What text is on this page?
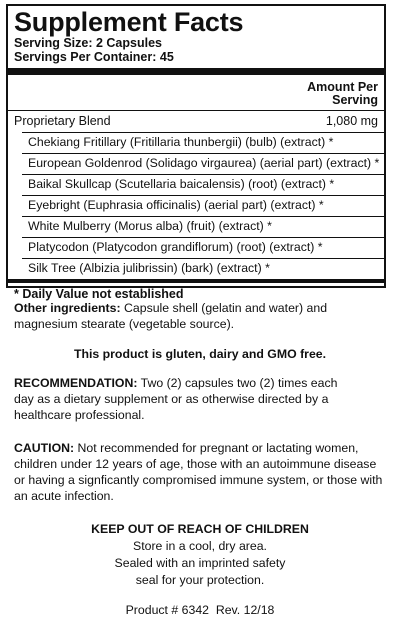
Supplement Facts
Serving Size: 2 Capsules
Servings Per Container: 45
Amount Per
Serving
Proprietary Blend	1,080 mg
Chekiang Fritillary (Fritillaria thunbergii) (bulb) (extract) *
European Goldenrod (Solidago virgaurea) (aerial part) (extract) *
Baikal Skullcap (Scutellaria baicalensis) (root) (extract) *
Eyebright (Euphrasia officinalis) (aerial part) (extract) *
White Mulberry (Morus alba) (fruit) (extract) *
Platycodon (Platycodon grandiflorum) (root) (extract) *
Silk Tree (Albizia julibrissin) (bark) (extract) *
* Daily Value not established
Other ingredients: Capsule shell (gelatin and water) and magnesium stearate (vegetable source).
This product is gluten, dairy and GMO free.
RECOMMENDATION: Two (2) capsules two (2) times each day as a dietary supplement or as otherwise directed by a healthcare professional.
CAUTION: Not recommended for pregnant or lactating women, children under 12 years of age, those with an autoimmune disease or having a signficantly compromised immune system, or those with an acute infection.
KEEP OUT OF REACH OF CHILDREN
Store in a cool, dry area.
Sealed with an imprinted safety
seal for your protection.
Product # 6342  Rev. 12/18
